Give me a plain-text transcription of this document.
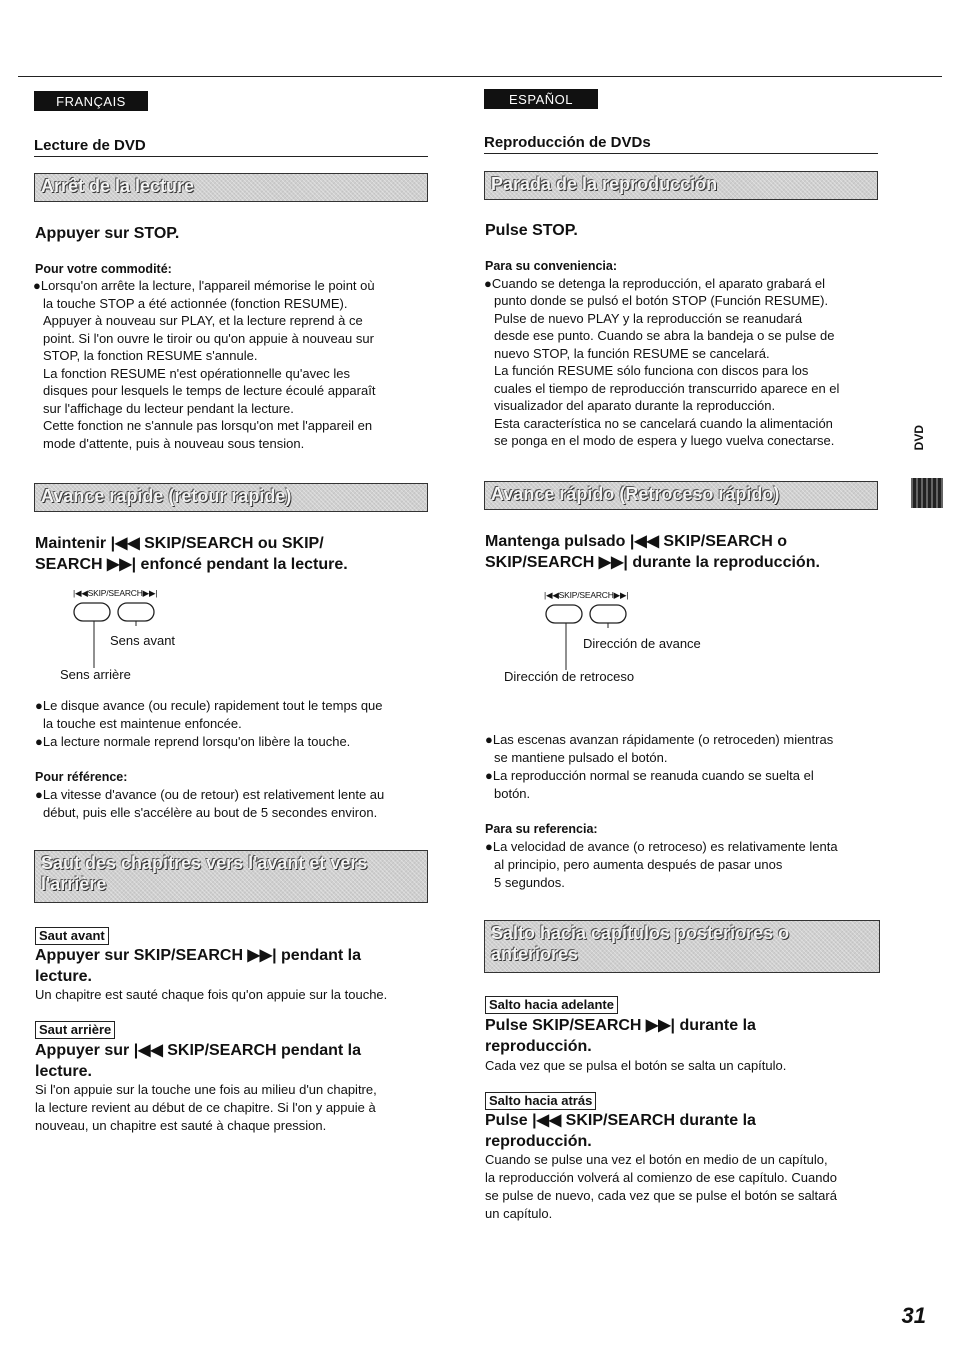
FRANÇAIS
Lecture de DVD
Arrêt de la lecture
Appuyer sur STOP.
Pour votre commodité:
●Lorsqu'on arrête la lecture, l'appareil mémorise le point où
la touche STOP a été actionnée (fonction RESUME).
Appuyer à nouveau sur PLAY, et la lecture reprend à ce
point. Si l'on ouvre le tiroir ou qu'on appuie à nouveau sur
STOP, la fonction RESUME s'annule.
La fonction RESUME n'est opérationnelle qu'avec les
disques pour lesquels le temps de lecture écoulé apparaît
sur l'affichage du lecteur pendant la lecture.
Cette fonction ne s'annule pas lorsqu'on met l'appareil en
mode d'attente, puis à nouveau sous tension.
Avance rapide (retour rapide)
Maintenir |◀◀ SKIP/SEARCH ou SKIP/
SEARCH ▶▶| enfoncé pendant la lecture.
|◀◀SKIP/SEARCH▶▶|
Sens avant
Sens arrière
●Le disque avance (ou recule) rapidement tout le temps que
la touche est maintenue enfoncée.
●La lecture normale reprend lorsqu'on libère la touche.
Pour référence:
●La vitesse d'avance (ou de retour) est relativement lente au
début, puis elle s'accélère au bout de 5 secondes environ.
Saut des chapitres vers l'avant et vers
l'arrière
Saut avant
Appuyer sur SKIP/SEARCH ▶▶| pendant la
lecture.
Un chapitre est sauté chaque fois qu'on appuie sur la touche.
Saut arrière
Appuyer sur |◀◀ SKIP/SEARCH pendant la
lecture.
Si l'on appuie sur la touche une fois au milieu d'un chapitre,
la lecture revient au début de ce chapitre. Si l'on y appuie à
nouveau, un chapitre est sauté à chaque pression.
ESPAÑOL
Reproducción de DVDs
Parada de la reproducción
Pulse STOP.
Para su conveniencia:
●Cuando se detenga la reproducción, el aparato grabará el
punto donde se pulsó el botón STOP (Función RESUME).
Pulse de nuevo PLAY y la reproducción se reanudará
desde ese punto. Cuando se abra la bandeja o se pulse de
nuevo STOP, la función RESUME se cancelará.
La función RESUME sólo funciona con discos para los
cuales el tiempo de reproducción transcurrido aparece en el
visualizador del aparato durante la reproducción.
Esta característica no se cancelará cuando la alimentación
se ponga en el modo de espera y luego vuelva conectarse.
Avance rápido (Retroceso rápido)
Mantenga pulsado |◀◀ SKIP/SEARCH o
SKIP/SEARCH ▶▶| durante la reproducción.
|◀◀SKIP/SEARCH▶▶|
Dirección de avance
Dirección de retroceso
●Las escenas avanzan rápidamente (o retroceden) mientras
se mantiene pulsado el botón.
●La reproducción normal se reanuda cuando se suelta el
botón.
Para su referencia:
●La velocidad de avance (o retroceso) es relativamente lenta
al principio, pero aumenta después de pasar unos
5 segundos.
Salto hacia capítulos posteriores o
anteriores
Salto hacia adelante
Pulse SKIP/SEARCH ▶▶| durante la
reproducción.
Cada vez que se pulsa el botón se salta un capítulo.
Salto hacia atrás
Pulse |◀◀ SKIP/SEARCH durante la
reproducción.
Cuando se pulse una vez el botón en medio de un capítulo,
la reproducción volverá al comienzo de ese capítulo. Cuando
se pulse de nuevo, cada vez que se pulse el botón se saltará
un capítulo.
DVD
31
